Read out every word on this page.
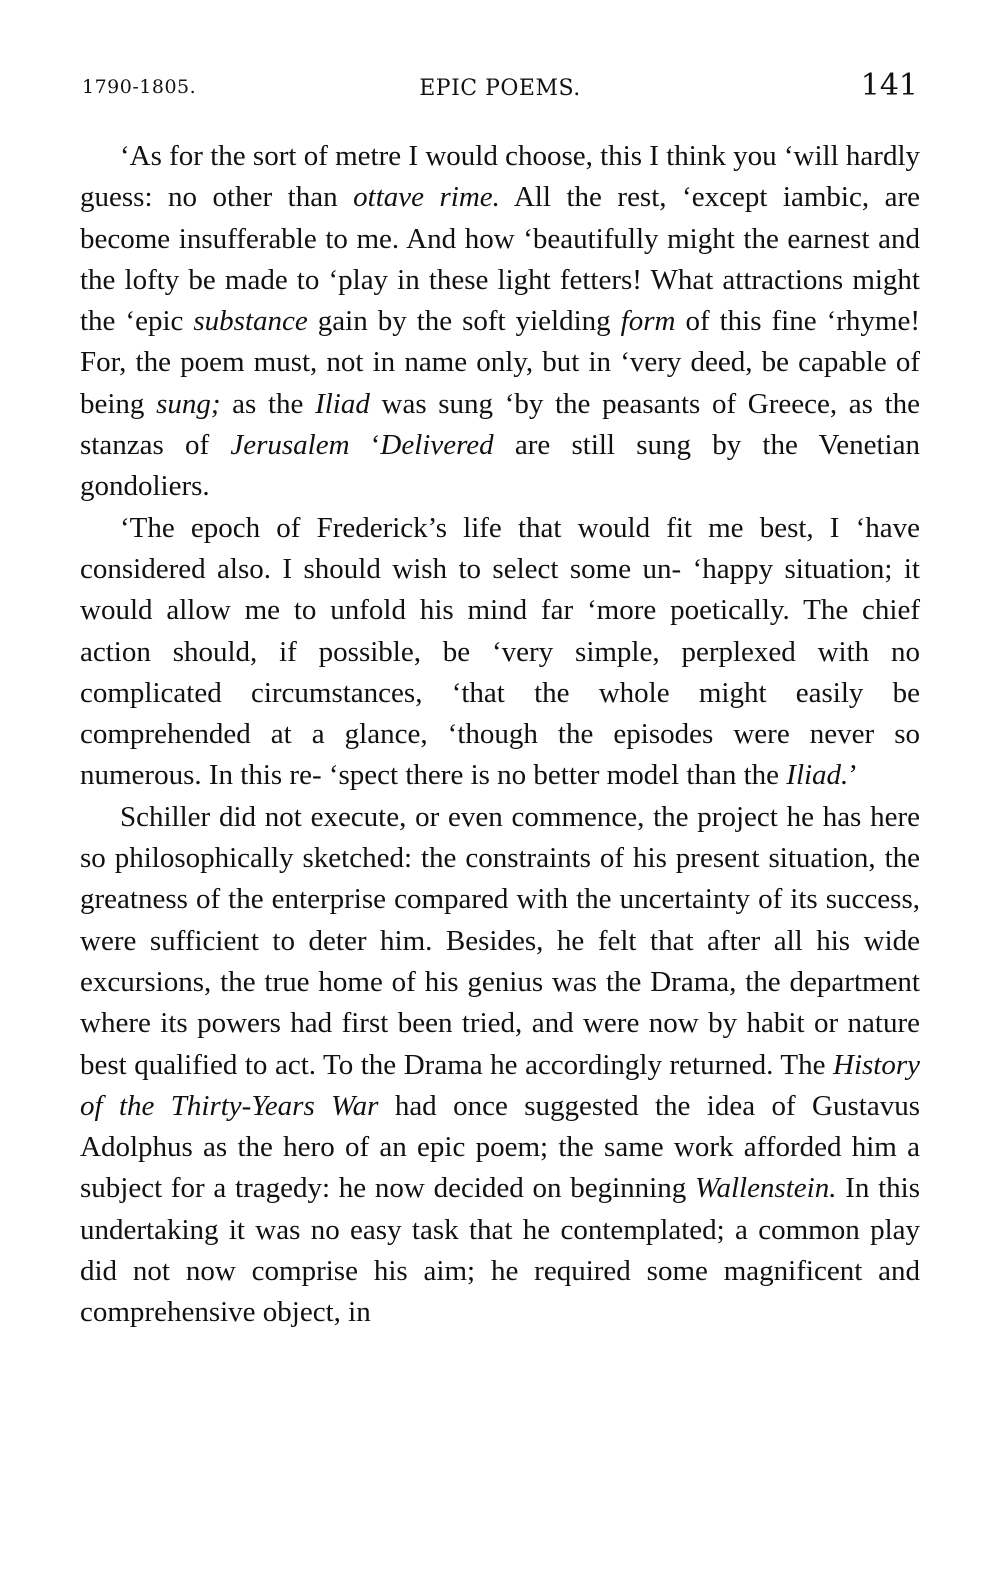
1790-1805.	EPIC POEMS.	141

‘As for the sort of metre I would choose, this I think you ‘will hardly guess: no other than ottave rime. All the rest, ‘except iambic, are become insufferable to me. And how ‘beautifully might the earnest and the lofty be made to ‘play in these light fetters! What attractions might the ‘epic substance gain by the soft yielding form of this fine ‘rhyme! For, the poem must, not in name only, but in ‘very deed, be capable of being sung; as the Iliad was sung ‘by the peasants of Greece, as the stanzas of Jerusalem ‘Delivered are still sung by the Venetian gondoliers.

‘The epoch of Frederick’s life that would fit me best, I ‘have considered also. I should wish to select some un- ‘happy situation; it would allow me to unfold his mind far ‘more poetically. The chief action should, if possible, be ‘very simple, perplexed with no complicated circumstances, ‘that the whole might easily be comprehended at a glance, ‘though the episodes were never so numerous. In this re- ‘spect there is no better model than the Iliad.’

Schiller did not execute, or even commence, the project he has here so philosophically sketched: the constraints of his present situation, the greatness of the enterprise compared with the uncertainty of its success, were sufficient to deter him. Besides, he felt that after all his wide excursions, the true home of his genius was the Drama, the department where its powers had first been tried, and were now by habit or nature best qualified to act. To the Drama he accordingly returned. The History of the Thirty-Years War had once suggested the idea of Gustavus Adolphus as the hero of an epic poem; the same work afforded him a subject for a tragedy: he now decided on beginning Wallenstein. In this undertaking it was no easy task that he contemplated; a common play did not now comprise his aim; he required some magnificent and comprehensive object, in
